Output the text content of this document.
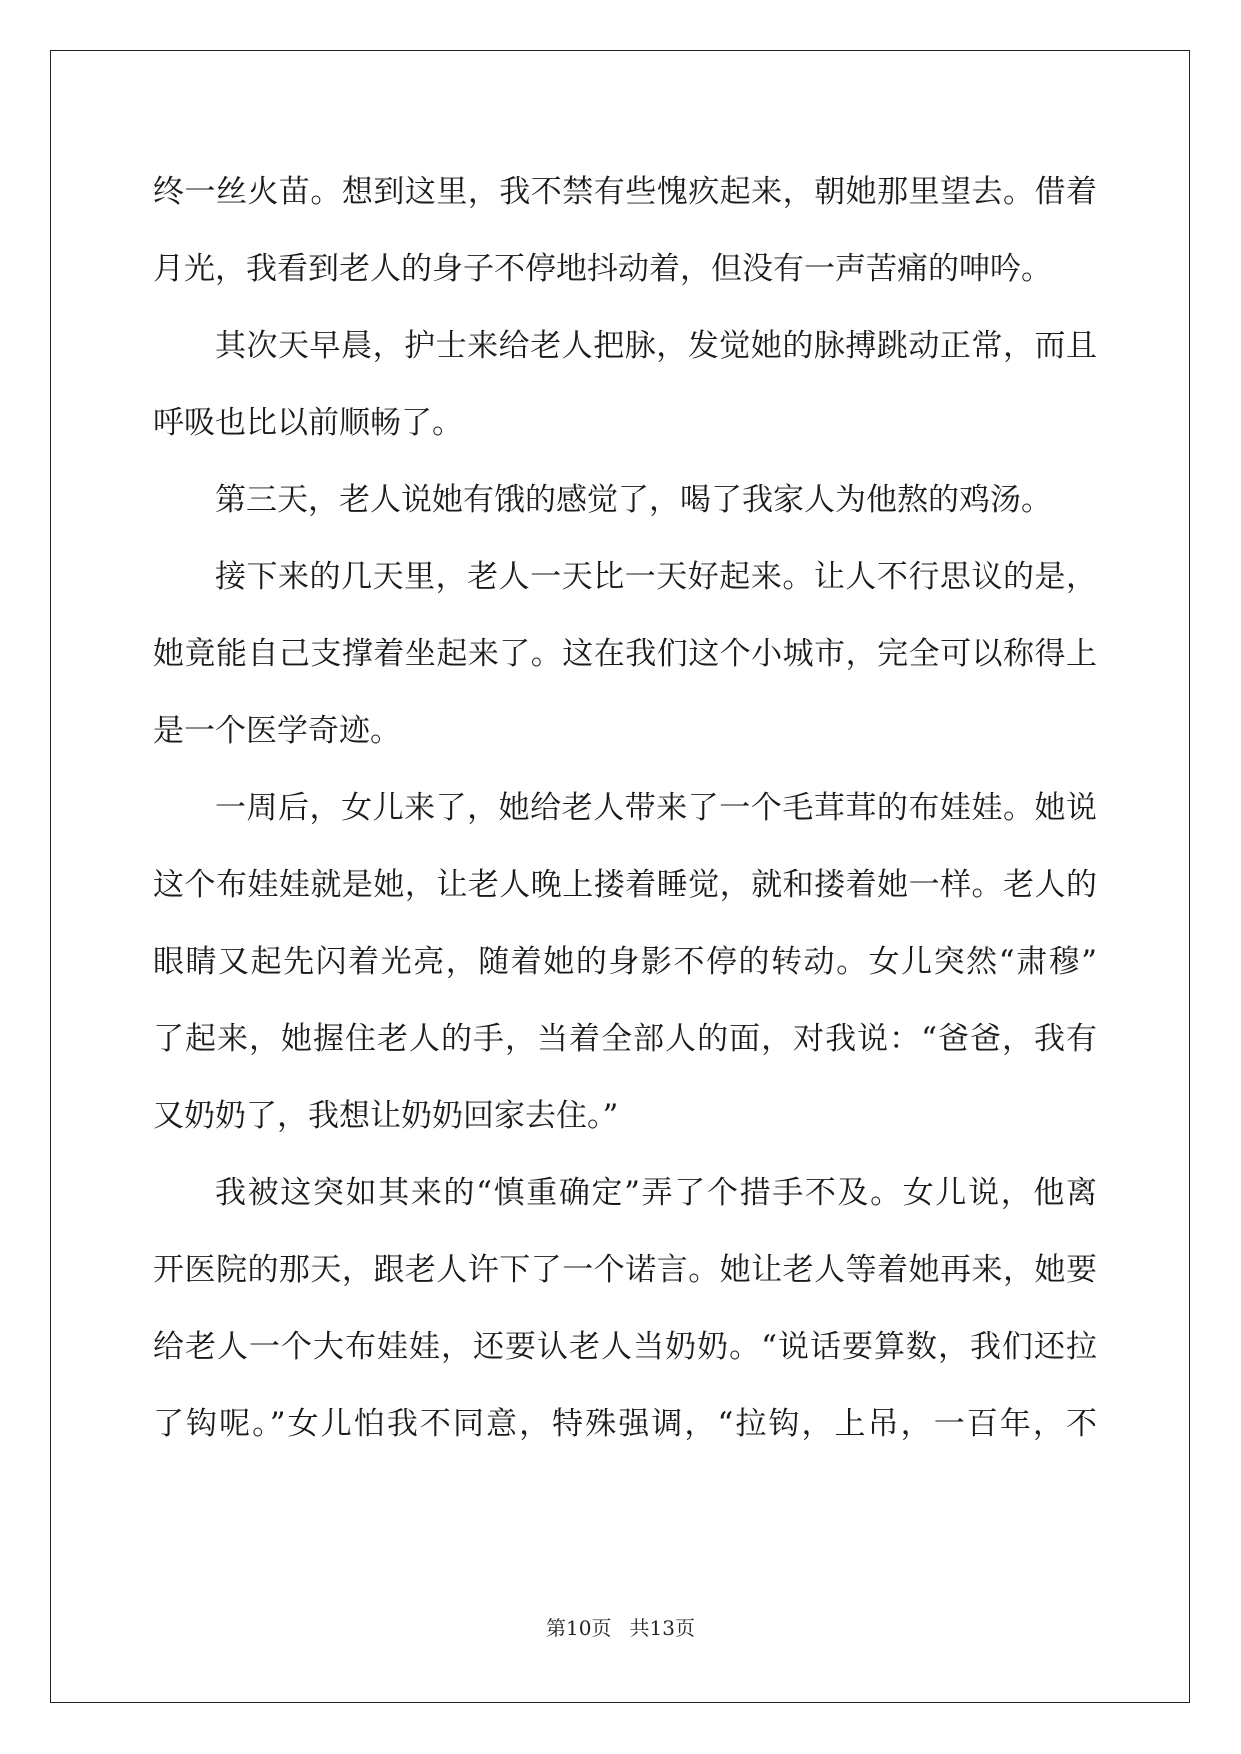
终一丝火苗。想到这里，我不禁有些愧疚起来，朝她那里望去。借着
月光，我看到老人的身子不停地抖动着，但没有一声苦痛的呻吟。
其次天早晨，护士来给老人把脉，发觉她的脉搏跳动正常，而且
呼吸也比以前顺畅了。
第三天，老人说她有饿的感觉了，喝了我家人为他熬的鸡汤。
接下来的几天里，老人一天比一天好起来。让人不行思议的是，
她竟能自己支撑着坐起来了。这在我们这个小城市，完全可以称得上
是一个医学奇迹。
一周后，女儿来了，她给老人带来了一个毛茸茸的布娃娃。她说
这个布娃娃就是她，让老人晚上搂着睡觉，就和搂着她一样。老人的
眼睛又起先闪着光亮，随着她的身影不停的转动。女儿突然“肃穆”
了起来，她握住老人的手，当着全部人的面，对我说：“爸爸，我有
又奶奶了，我想让奶奶回家去住。”
我被这突如其来的“慎重确定”弄了个措手不及。女儿说，他离
开医院的那天，跟老人许下了一个诺言。她让老人等着她再来，她要
给老人一个大布娃娃，还要认老人当奶奶。“说话要算数，我们还拉
了钩呢。”女儿怕我不同意，特殊强调，“拉钩，上吊，一百年，不
第10页 共13页
